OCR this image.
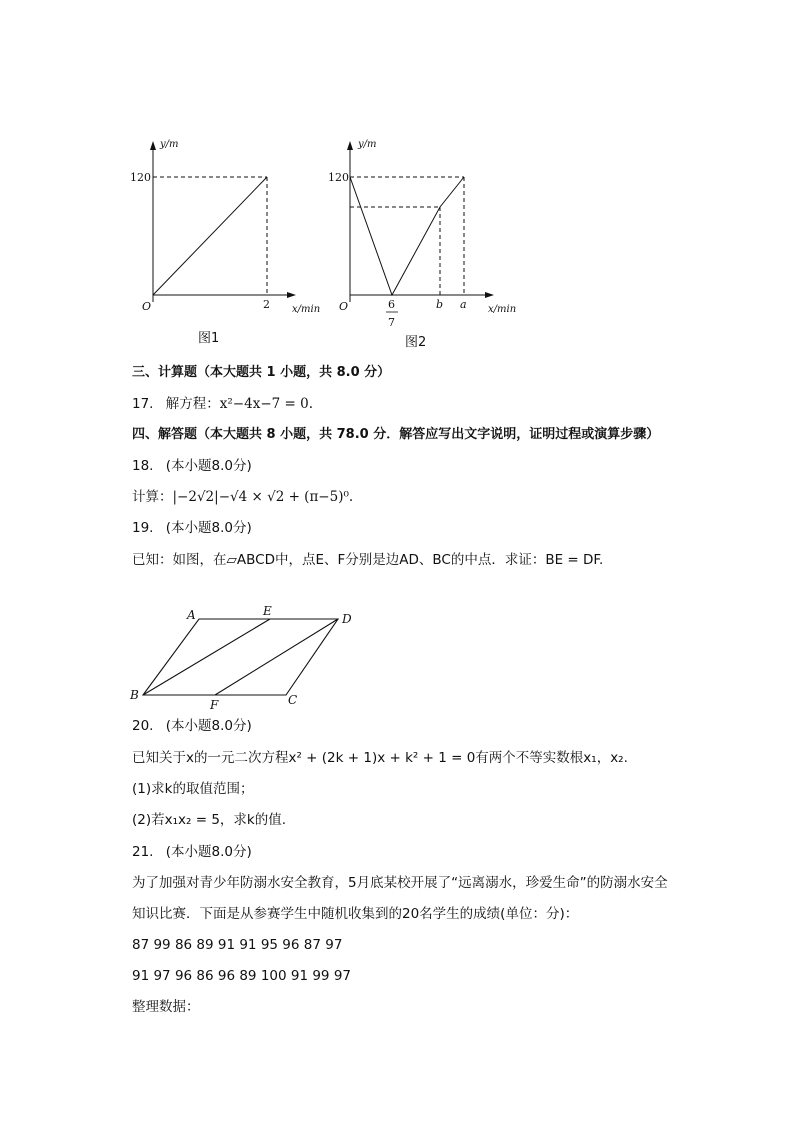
y/m
120
O	2 x/min
图1
y/m
120
O	6
7
b a x/min
图2
三、计算题（本大题共 1 小题，共 8.0 分）
17. 解方程：x²−4x−7 = 0.
四、解答题（本大题共 8 小题，共 78.0 分．解答应写出文字说明，证明过程或演算步骤）
18. (本小题8.0分)
计算：|−2√2|−√4 × √2 + (π−5)⁰.
19. (本小题8.0分)
已知：如图，在▱ABCD中，点E、F分别是边AD、BC的中点．求证：BE = DF.
A	E
D
B
F	C
20. (本小题8.0分)
已知关于x的一元二次方程x² + (2k + 1)x + k² + 1 = 0有两个不等实数根x₁，x₂.
(1)求k的取值范围；
(2)若x₁x₂ = 5，求k的值.
21. (本小题8.0分)
为了加强对青少年防溺水安全教育，5月底某校开展了“远离溺水，珍爱生命”的防溺水安全
知识比赛．下面是从参赛学生中随机收集到的20名学生的成绩(单位：分)：
87 99 86 89 91 91 95 96 87 97
91 97 96 86 96 89 100 91 99 97
整理数据：
